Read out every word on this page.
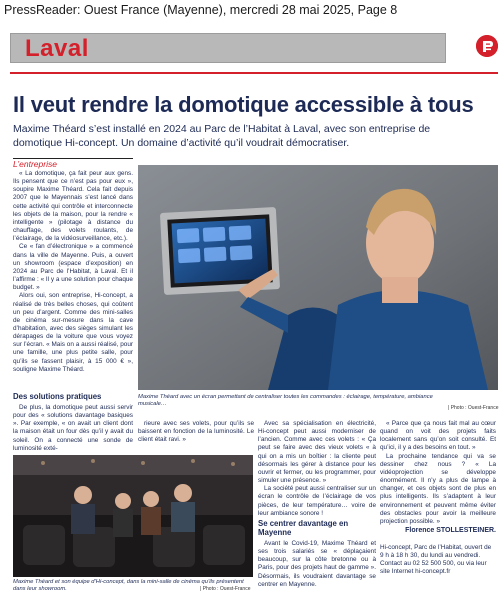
PressReader: Ouest France (Mayenne), mercredi 28 mai 2025, Page 8
Laval
Il veut rendre la domotique accessible à tous
Maxime Théard s’est installé en 2024 au Parc de l’Habitat à Laval, avec son entreprise de domotique Hi-concept. Un domaine d’activité qu’il voudrait démocratiser.
L’entreprise

« La domotique, ça fait peur aux gens. Ils pensent que ce n’est pas pour eux », soupire Maxime Théard. Cela fait depuis 2007 que le Mayennais s’est lancé dans cette activité qui contrôle et interconnecte les objets de la maison, pour la rendre « intelligente » (pilotage à distance du chauffage, des volets roulants, de l’éclairage, de la vidéosurveillance, etc.).

Ce « fan d’électronique » a commencé dans la ville de Mayenne. Puis, a ouvert un showroom (espace d’exposition) en 2024 au Parc de l’Habitat, à Laval. Et il l’affirme : « Il y a une solution pour chaque budget. »

Alors oui, son entreprise, Hi-concept, a réalisé de très belles choses, qui coûtent un peu d’argent. Comme des mini-salles de cinéma sur-mesure dans la cave d’habitation, avec des sièges simulant les dérapages de la voiture que vous voyez sur l’écran. « Mais on a aussi réalisé, pour une famille, une plus petite salle, pour qu’ils se fassent plaisir, à 15 000 € », souligne Maxime Théard.

Maxime Théard avec un écran permettant de centraliser toutes les commandes : éclairage, température, ambiance musicale…
| Photo : Ouest-France
Des solutions pratiques

De plus, la domotique peut aussi servir pour des « solutions davantage basiques ». Par exemple, « on avait un client dont la maison était un four dès qu’il y avait du soleil. On a connecté une sonde de luminosité exté-

rieure avec ses volets, pour qu’ils se baissent en fonction de la luminosité. Le client était ravi. »

Avec sa spécialisation en électricité, Hi-concept peut aussi moderniser de l’ancien. Comme avec ces volets : « Ça peut se faire avec des vieux volets « à qui on a mis un boîtier : la cliente peut désormais les gérer à distance pour les ouvrir et fermer, ou les programmer, pour simuler une présence. »

La société peut aussi centraliser sur un écran le contrôle de l’éclairage de vos pièces, de leur température… voire de leur ambiance sonore !

Se centrer davantage en Mayenne

Avant le Covid-19, Maxime Théard et ses trois salariés se « déplaçaient beaucoup, sur la côte bretonne ou à Paris, pour des projets haut de gamme ». Désormais, ils voudraient davantage se centrer en Mayenne.

« Parce que ça nous fait mal au cœur quand on voit des projets faits localement sans qu’on soit consulté. Et qu’ici, il y a des besoins en tout. »

La prochaine tendance qui va se dessiner chez nous ? « La vidéoprojection se développe énormément. Il n’y a plus de lampe à changer, et ces objets sont de plus en plus intelligents. Ils s’adaptent à leur environnement et peuvent même éviter des obstacles pour avoir la meilleure projection possible. »

Florence STOLLESTEINER.
Hi-concept, Parc de l’Habitat, ouvert de 9 h à 18 h 30, du lundi au vendredi. Contact au 02 52 500 500, ou via leur site Internet hi-concept.fr
Maxime Théard et son équipe d’Hi-concept, dans la mini-salle de cinéma qu’ils présentent dans leur showroom.	| Photo : Ouest-France
